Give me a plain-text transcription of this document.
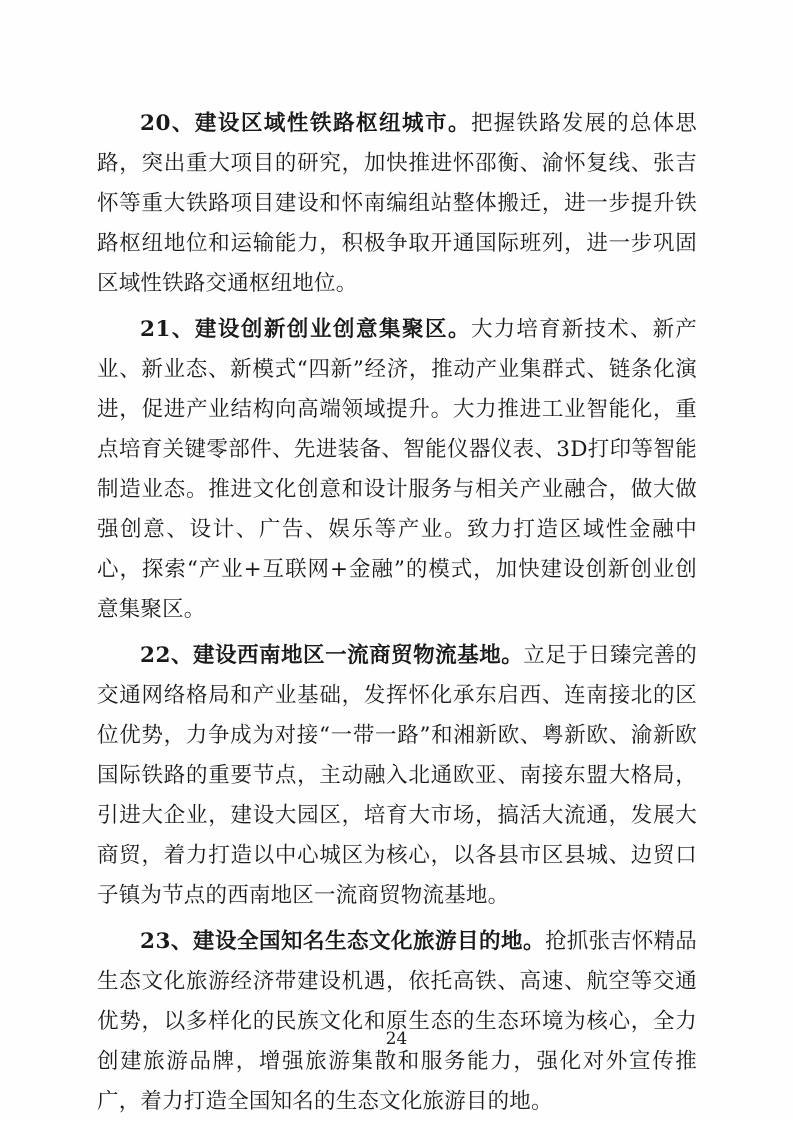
20、建设区域性铁路枢纽城市。把握铁路发展的总体思路，突出重大项目的研究，加快推进怀邵衡、渝怀复线、张吉怀等重大铁路项目建设和怀南编组站整体搬迁，进一步提升铁路枢纽地位和运输能力，积极争取开通国际班列，进一步巩固区域性铁路交通枢纽地位。

21、建设创新创业创意集聚区。大力培育新技术、新产业、新业态、新模式“四新”经济，推动产业集群式、链条化演进，促进产业结构向高端领域提升。大力推进工业智能化，重点培育关键零部件、先进装备、智能仪器仪表、3D打印等智能制造业态。推进文化创意和设计服务与相关产业融合，做大做强创意、设计、广告、娱乐等产业。致力打造区域性金融中心，探索“产业+互联网+金融”的模式，加快建设创新创业创意集聚区。

22、建设西南地区一流商贸物流基地。立足于日臻完善的交通网络格局和产业基础，发挥怀化承东启西、连南接北的区位优势，力争成为对接“一带一路”和湘新欧、粤新欧、渝新欧国际铁路的重要节点，主动融入北通欧亚、南接东盟大格局，引进大企业，建设大园区，培育大市场，搞活大流通，发展大商贸，着力打造以中心城区为核心，以各县市区县城、边贸口子镇为节点的西南地区一流商贸物流基地。

23、建设全国知名生态文化旅游目的地。抢抓张吉怀精品生态文化旅游经济带建设机遇，依托高铁、高速、航空等交通优势，以多样化的民族文化和原生态的生态环境为核心，全力创建旅游品牌，增强旅游集散和服务能力，强化对外宣传推广，着力打造全国知名的生态文化旅游目的地。

24
